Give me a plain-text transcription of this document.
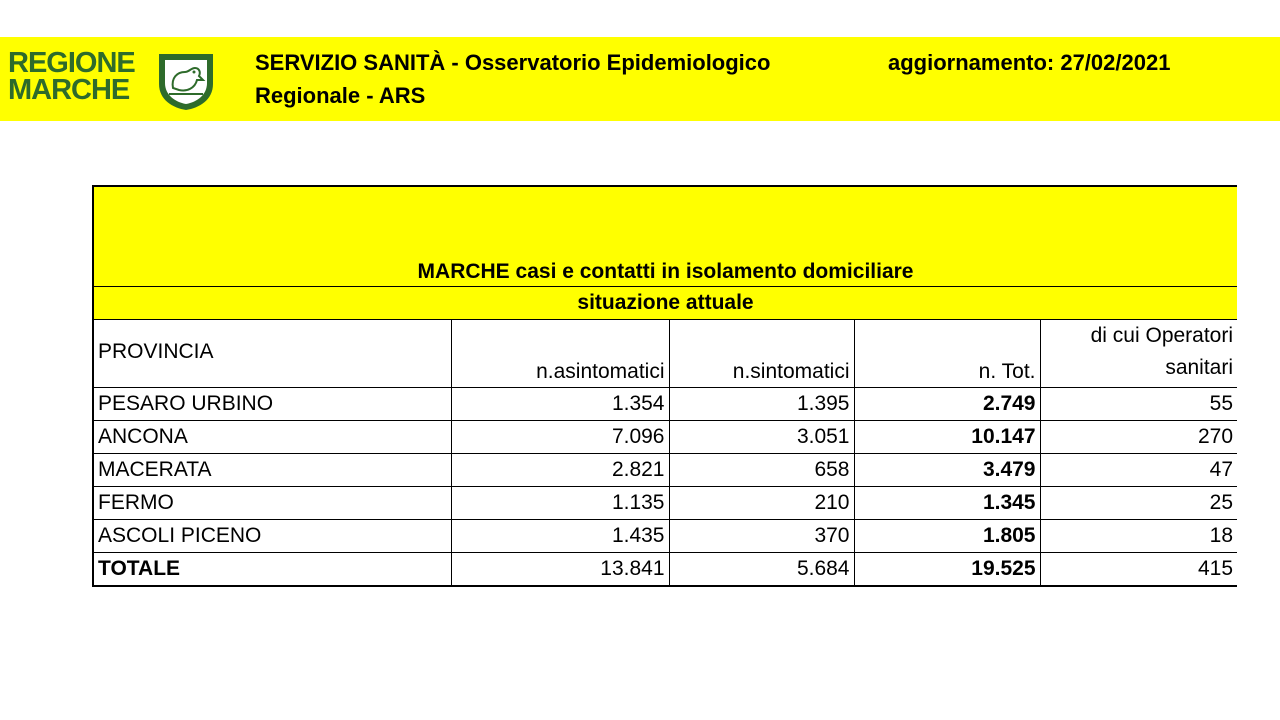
REGIONE
MARCHE
SERVIZIO SANITÀ - Osservatorio Epidemiologico Regionale - ARS
aggiornamento: 27/02/2021
MARCHE casi e contatti in isolamento domiciliare				
situazione attuale				
PROVINCIA	n.asintomatici	n.sintomatici	n. Tot.	di cui Operatori sanitari
PESARO URBINO	1.354	1.395	2.749	55
ANCONA	7.096	3.051	10.147	270
MACERATA	2.821	658	3.479	47
FERMO	1.135	210	1.345	25
ASCOLI PICENO	1.435	370	1.805	18
TOTALE	13.841	5.684	19.525	415
